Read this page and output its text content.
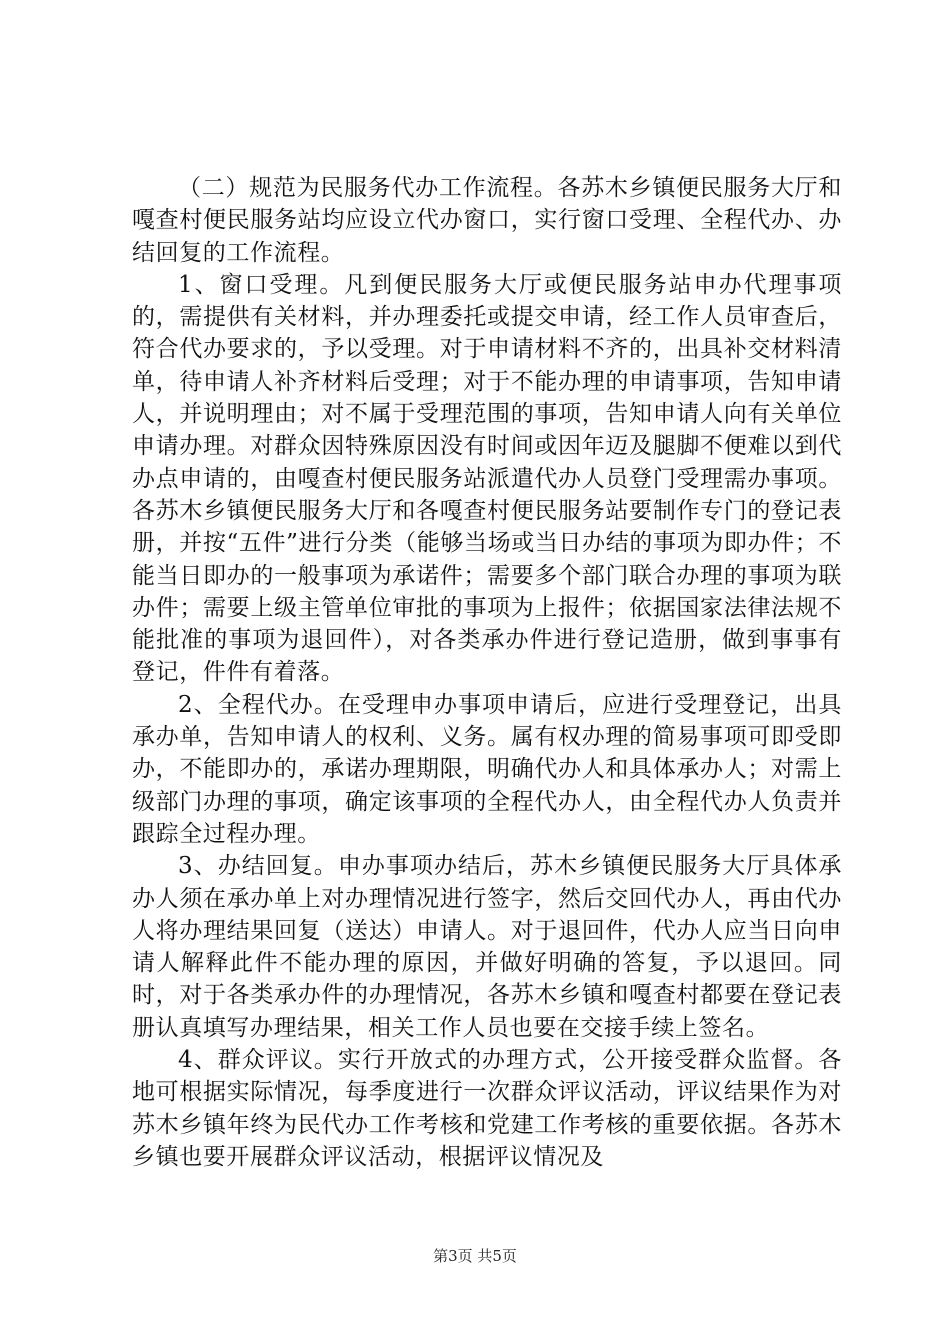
（二）规范为民服务代办工作流程。各苏木乡镇便民服务大厅和嘎查村便民服务站均应设立代办窗口，实行窗口受理、全程代办、办结回复的工作流程。

1、窗口受理。凡到便民服务大厅或便民服务站申办代理事项的，需提供有关材料，并办理委托或提交申请，经工作人员审查后，符合代办要求的，予以受理。对于申请材料不齐的，出具补交材料清单，待申请人补齐材料后受理；对于不能办理的申请事项，告知申请人，并说明理由；对不属于受理范围的事项，告知申请人向有关单位申请办理。对群众因特殊原因没有时间或因年迈及腿脚不便难以到代办点申请的，由嘎查村便民服务站派遣代办人员登门受理需办事项。各苏木乡镇便民服务大厅和各嘎查村便民服务站要制作专门的登记表册，并按“五件”进行分类（能够当场或当日办结的事项为即办件；不能当日即办的一般事项为承诺件；需要多个部门联合办理的事项为联办件；需要上级主管单位审批的事项为上报件；依据国家法律法规不能批准的事项为退回件），对各类承办件进行登记造册，做到事事有登记，件件有着落。

2、全程代办。在受理申办事项申请后，应进行受理登记，出具承办单，告知申请人的权利、义务。属有权办理的简易事项可即受即办，不能即办的，承诺办理期限，明确代办人和具体承办人；对需上级部门办理的事项，确定该事项的全程代办人，由全程代办人负责并跟踪全过程办理。

3、办结回复。申办事项办结后，苏木乡镇便民服务大厅具体承办人须在承办单上对办理情况进行签字，然后交回代办人，再由代办人将办理结果回复（送达）申请人。对于退回件，代办人应当日向申请人解释此件不能办理的原因，并做好明确的答复，予以退回。同时，对于各类承办件的办理情况，各苏木乡镇和嘎查村都要在登记表册认真填写办理结果，相关工作人员也要在交接手续上签名。

4、群众评议。实行开放式的办理方式，公开接受群众监督。各地可根据实际情况，每季度进行一次群众评议活动，评议结果作为对苏木乡镇年终为民代办工作考核和党建工作考核的重要依据。各苏木乡镇也要开展群众评议活动，根据评议情况及

第3页 共5页
